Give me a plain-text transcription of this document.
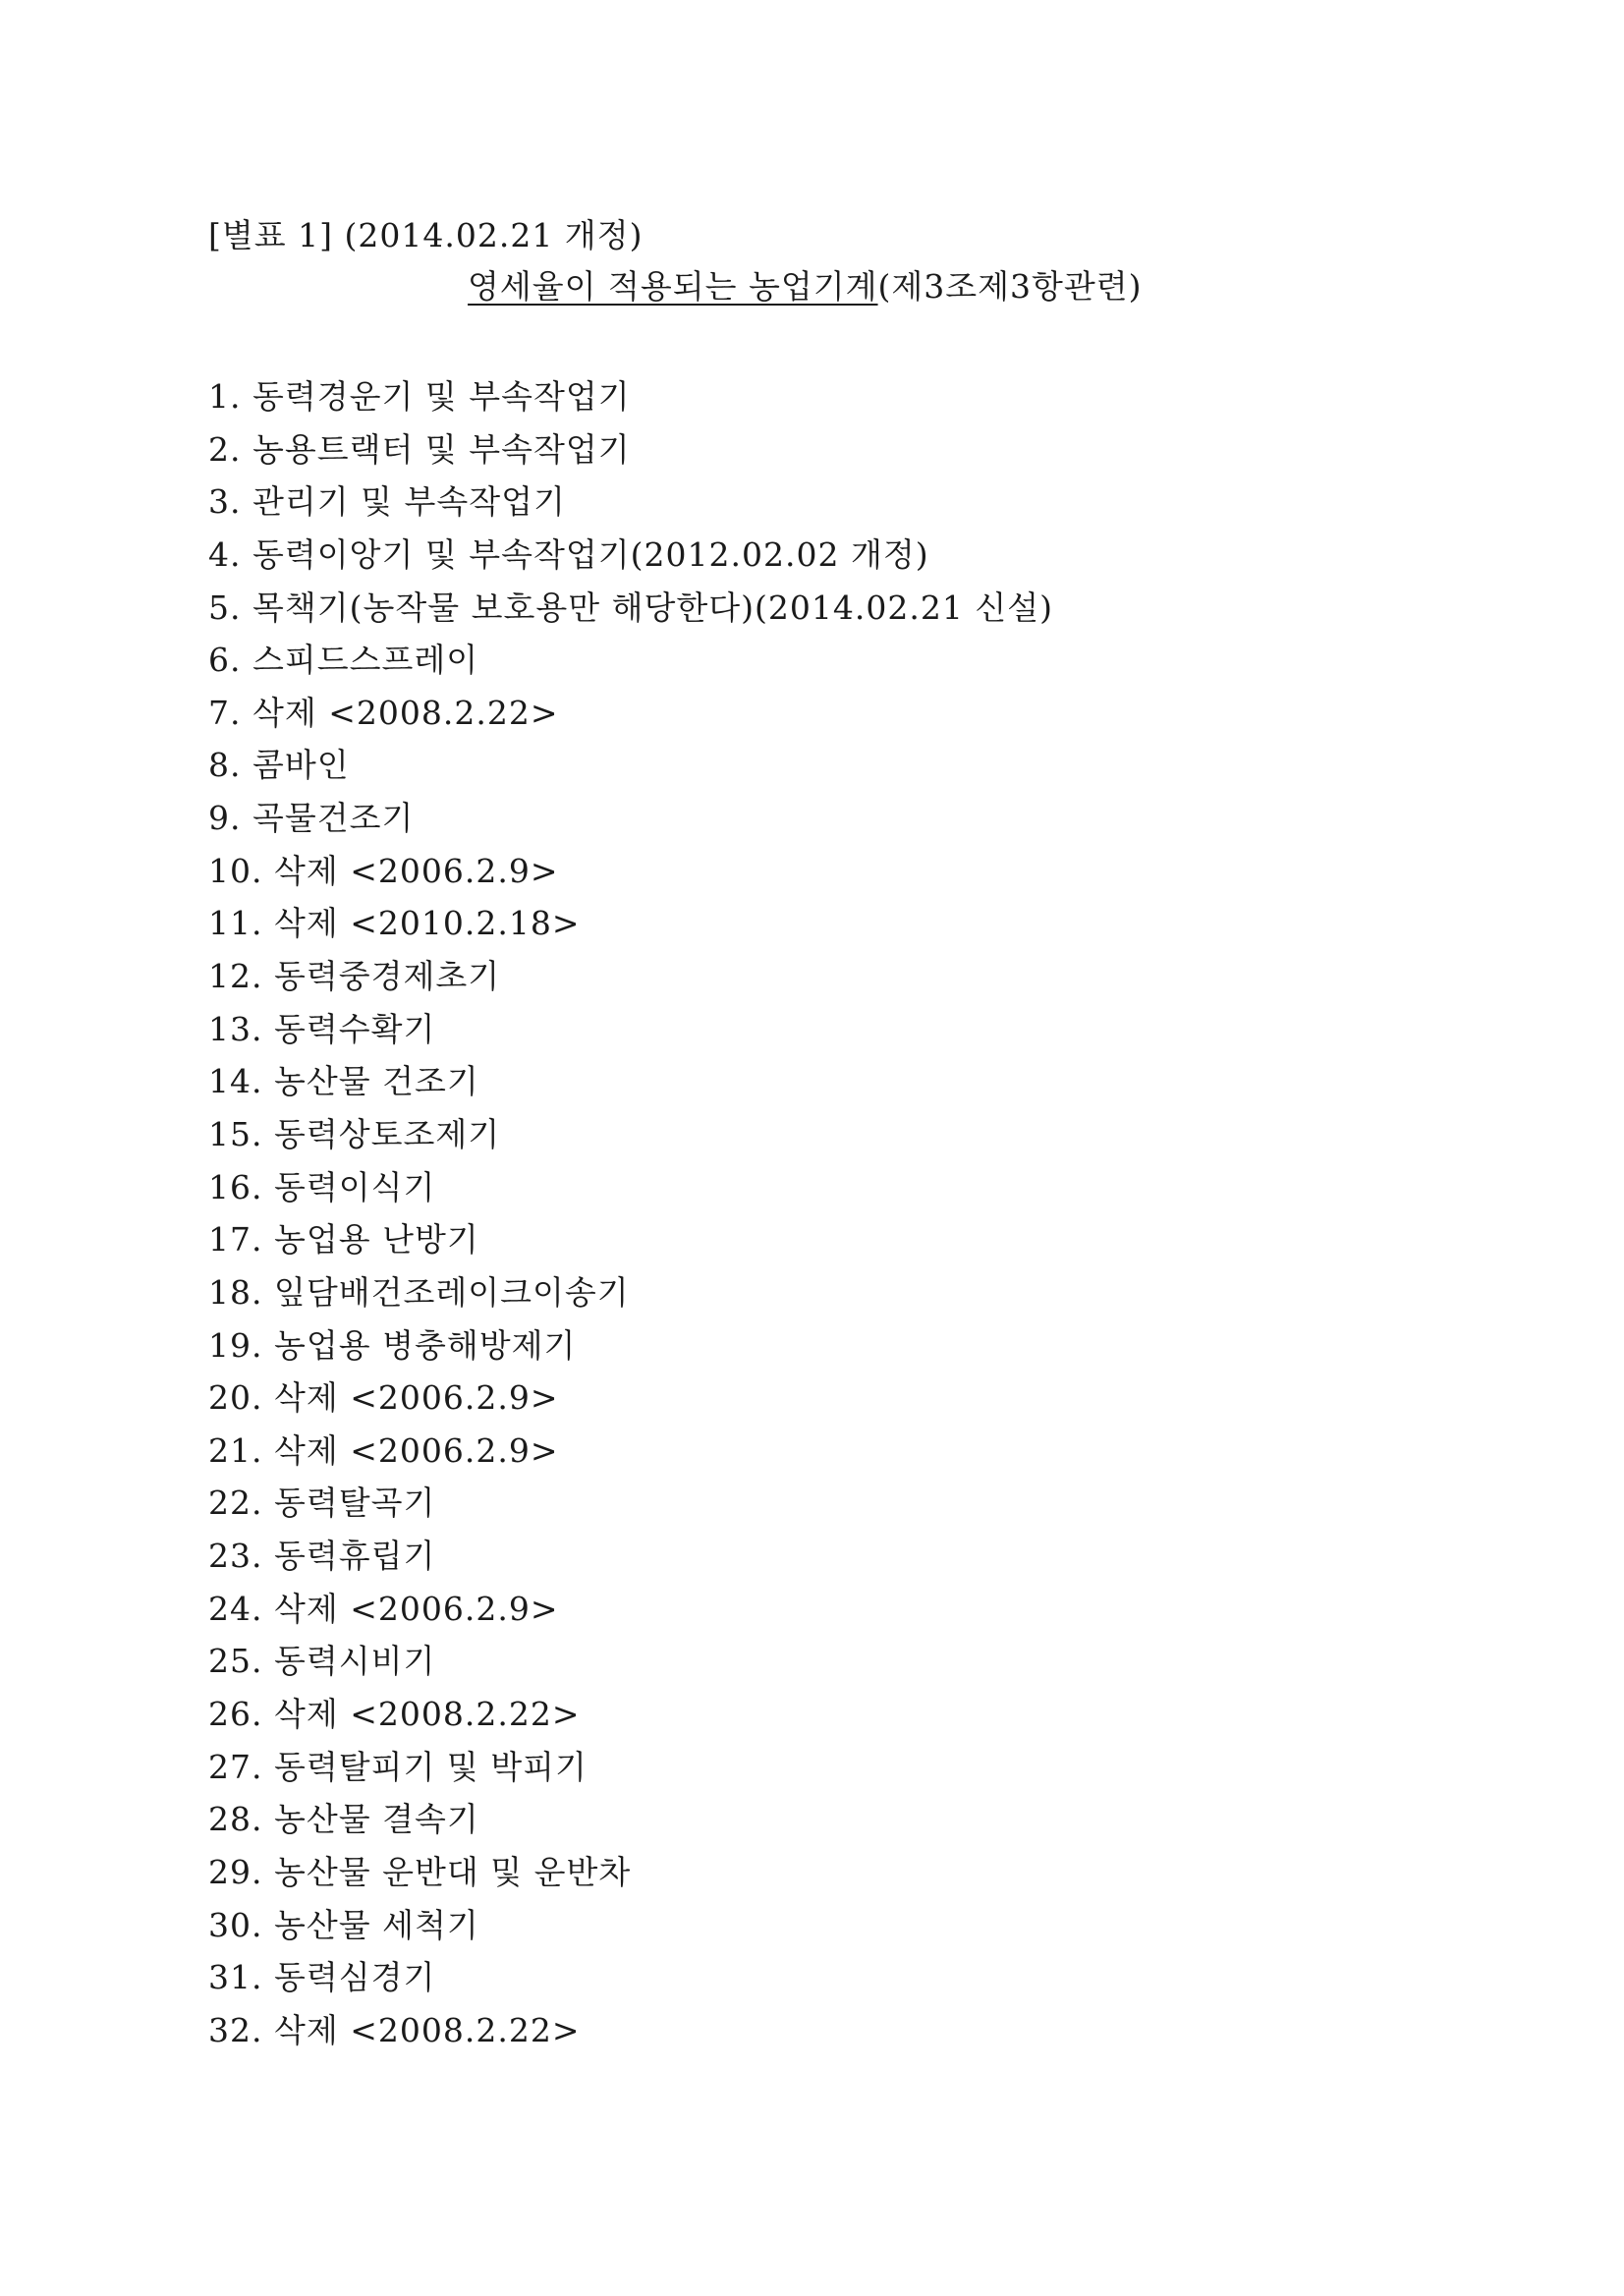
[별표 1] (2014.02.21 개정)
영세율이 적용되는 농업기계(제3조제3항관련)
1. 동력경운기 및 부속작업기
2. 농용트랙터 및 부속작업기
3. 관리기 및 부속작업기
4. 동력이앙기 및 부속작업기(2012.02.02 개정)
5. 목책기(농작물 보호용만 해당한다)(2014.02.21 신설)
6. 스피드스프레이
7. 삭제 <2008.2.22>
8. 콤바인
9. 곡물건조기
10. 삭제 <2006.2.9>
11. 삭제 <2010.2.18>
12. 동력중경제초기
13. 동력수확기
14. 농산물 건조기
15. 동력상토조제기
16. 동력이식기
17. 농업용 난방기
18. 잎담배건조레이크이송기
19. 농업용 병충해방제기
20. 삭제 <2006.2.9>
21. 삭제 <2006.2.9>
22. 동력탈곡기
23. 동력휴립기
24. 삭제 <2006.2.9>
25. 동력시비기
26. 삭제 <2008.2.22>
27. 동력탈피기 및 박피기
28. 농산물 결속기
29. 농산물 운반대 및 운반차
30. 농산물 세척기
31. 동력심경기
32. 삭제 <2008.2.22>
